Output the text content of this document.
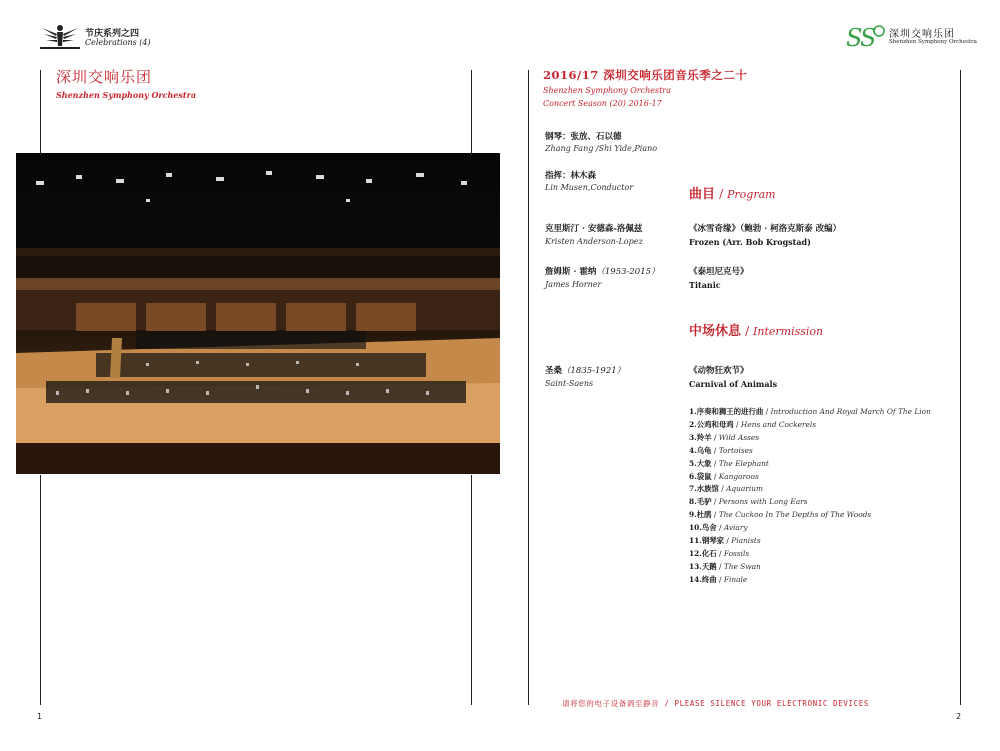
节庆系列之四
Celebrations (4)
深圳交响乐团
Shenzhen Symphony Orchestra
1
S
S 深圳交响乐团
Shenzhen Symphony Orchestra
2016/17 深圳交响乐团音乐季之二十
Shenzhen Symphony Orchestra
Concert Season (20) 2016-17
钢琴：张放、石以德
Zhang Fang /Shi Yide,Piano
指挥：林木森
Lin Musen,Conductor	曲目 / Program
克里斯汀 · 安德森-洛佩兹
Kristen Anderson-Lopez
《冰雪奇缘》（鲍勃 · 柯洛克斯泰 改编）
Frozen (Arr. Bob Krogstad)
詹姆斯 · 霍纳（1953-2015）
James Horner
《泰坦尼克号》
Titanic
中场休息 / Intermission
圣桑（1835-1921）
Saint-Saens
《动物狂欢节》
Carnival of Animals
1.序奏和狮王的进行曲 / Introduction And Royal March Of The Lion
2.公鸡和母鸡 / Hens and Cockerels
3.羚羊 / Wild Asses
4.乌龟 / Tortoises
5.大象 / The Elephant
6.袋鼠 / Kangaroos
7.水族馆 / Aquarium
8.毛驴 / Persons with Long Ears
9.杜鹃 / The Cuckoo In The Depths of The Woods
10.鸟舍 / Aviary
11.钢琴家 / Pianists
12.化石 / Fossils
13.天鹅 / The Swan
14.终曲 / Finale
请将您的电子设备调至静音 / PLEASE SILENCE YOUR ELECTRONIC DEVICES
2
